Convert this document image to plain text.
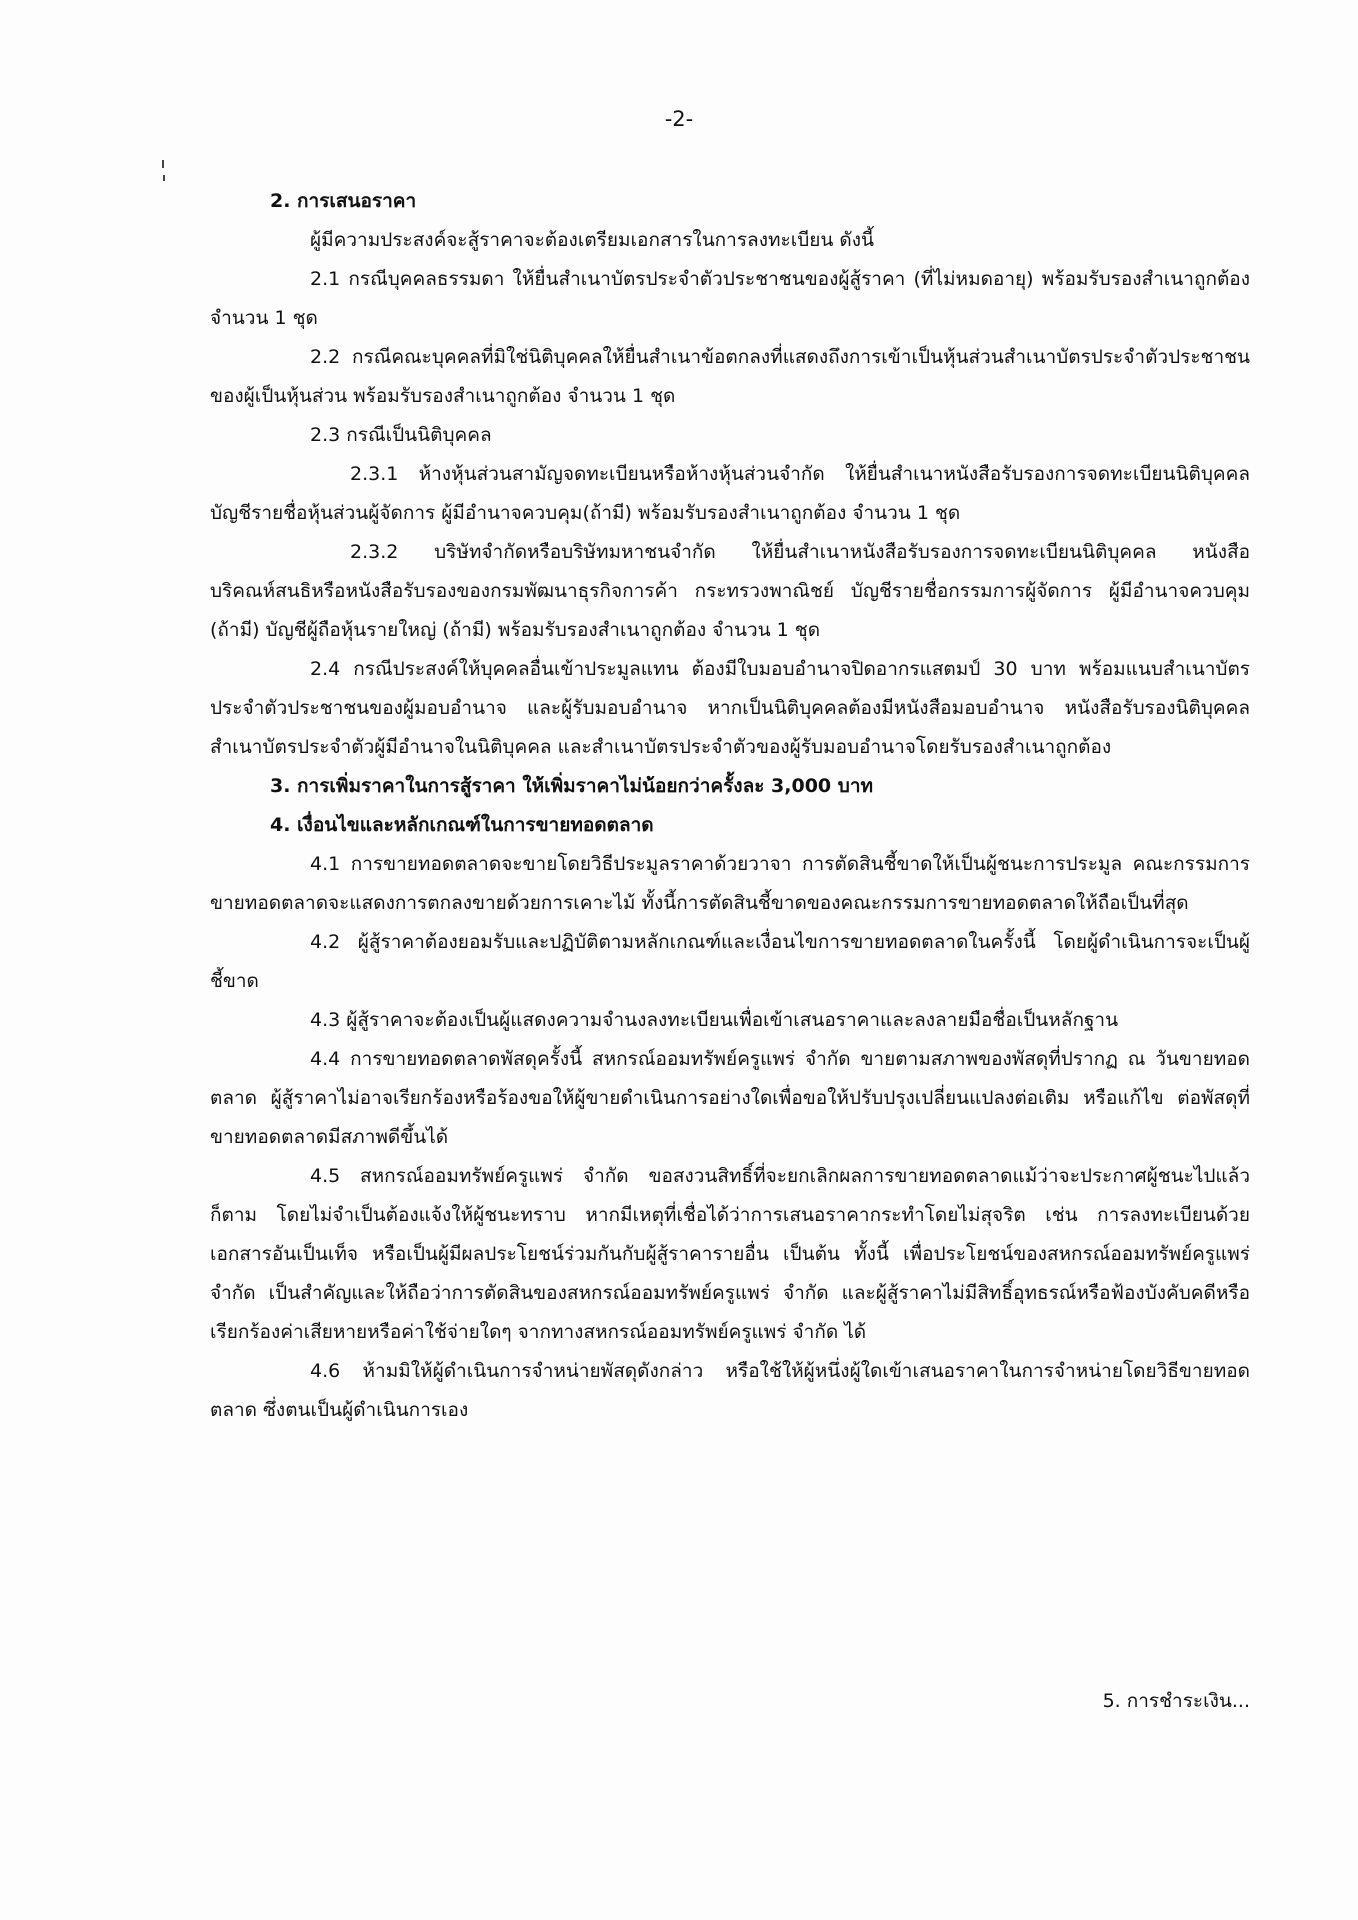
-2-

2. การเสนอราคา

ผู้มีความประสงค์จะสู้ราคาจะต้องเตรียมเอกสารในการลงทะเบียน ดังนี้

2.1 กรณีบุคคลธรรมดา ให้ยื่นสำเนาบัตรประจำตัวประชาชนของผู้สู้ราคา (ที่ไม่หมดอายุ) พร้อมรับรองสำเนาถูกต้อง จำนวน 1 ชุด

2.2 กรณีคณะบุคคลที่มิใช่นิติบุคคลให้ยื่นสำเนาข้อตกลงที่แสดงถึงการเข้าเป็นหุ้นส่วนสำเนาบัตรประจำตัวประชาชนของผู้เป็นหุ้นส่วน พร้อมรับรองสำเนาถูกต้อง จำนวน 1 ชุด

2.3 กรณีเป็นนิติบุคคล

2.3.1 ห้างหุ้นส่วนสามัญจดทะเบียนหรือห้างหุ้นส่วนจำกัด ให้ยื่นสำเนาหนังสือรับรองการจดทะเบียนนิติบุคคล บัญชีรายชื่อหุ้นส่วนผู้จัดการ ผู้มีอำนาจควบคุม(ถ้ามี) พร้อมรับรองสำเนาถูกต้อง จำนวน 1 ชุด

2.3.2 บริษัทจำกัดหรือบริษัทมหาชนจำกัด ให้ยื่นสำเนาหนังสือรับรองการจดทะเบียนนิติบุคคล หนังสือบริคณห์สนธิหรือหนังสือรับรองของกรมพัฒนาธุรกิจการค้า กระทรวงพาณิชย์ บัญชีรายชื่อกรรมการผู้จัดการ ผู้มีอำนาจควบคุม (ถ้ามี) บัญชีผู้ถือหุ้นรายใหญ่ (ถ้ามี) พร้อมรับรองสำเนาถูกต้อง จำนวน 1 ชุด

2.4 กรณีประสงค์ให้บุคคลอื่นเข้าประมูลแทน ต้องมีใบมอบอำนาจปิดอากรแสตมป์ 30 บาท พร้อมแนบสำเนาบัตรประจำตัวประชาชนของผู้มอบอำนาจ และผู้รับมอบอำนาจ หากเป็นนิติบุคคลต้องมีหนังสือมอบอำนาจ หนังสือรับรองนิติบุคคล สำเนาบัตรประจำตัวผู้มีอำนาจในนิติบุคคล และสำเนาบัตรประจำตัวของผู้รับมอบอำนาจโดยรับรองสำเนาถูกต้อง

3. การเพิ่มราคาในการสู้ราคา ให้เพิ่มราคาไม่น้อยกว่าครั้งละ 3,000 บาท

4. เงื่อนไขและหลักเกณฑ์ในการขายทอดตลาด

4.1 การขายทอดตลาดจะขายโดยวิธีประมูลราคาด้วยวาจา การตัดสินชี้ขาดให้เป็นผู้ชนะการประมูล คณะกรรมการขายทอดตลาดจะแสดงการตกลงขายด้วยการเคาะไม้ ทั้งนี้การตัดสินชี้ขาดของคณะกรรมการขายทอดตลาดให้ถือเป็นที่สุด

4.2 ผู้สู้ราคาต้องยอมรับและปฏิบัติตามหลักเกณฑ์และเงื่อนไขการขายทอดตลาดในครั้งนี้ โดยผู้ดำเนินการจะเป็นผู้ชี้ขาด

4.3 ผู้สู้ราคาจะต้องเป็นผู้แสดงความจำนงลงทะเบียนเพื่อเข้าเสนอราคาและลงลายมือชื่อเป็นหลักฐาน

4.4 การขายทอดตลาดพัสดุครั้งนี้ สหกรณ์ออมทรัพย์ครูแพร่ จำกัด ขายตามสภาพของพัสดุที่ปรากฏ ณ วันขายทอดตลาด ผู้สู้ราคาไม่อาจเรียกร้องหรือร้องขอให้ผู้ขายดำเนินการอย่างใดเพื่อขอให้ปรับปรุงเปลี่ยนแปลงต่อเติม หรือแก้ไข ต่อพัสดุที่ขายทอดตลาดมีสภาพดีขึ้นได้

4.5 สหกรณ์ออมทรัพย์ครูแพร่ จำกัด ขอสงวนสิทธิ์ที่จะยกเลิกผลการขายทอดตลาดแม้ว่าจะประกาศผู้ชนะไปแล้วก็ตาม โดยไม่จำเป็นต้องแจ้งให้ผู้ชนะทราบ หากมีเหตุที่เชื่อได้ว่าการเสนอราคากระทำโดยไม่สุจริต เช่น การลงทะเบียนด้วยเอกสารอันเป็นเท็จ หรือเป็นผู้มีผลประโยชน์ร่วมกันกับผู้สู้ราคารายอื่น เป็นต้น ทั้งนี้ เพื่อประโยชน์ของสหกรณ์ออมทรัพย์ครูแพร่ จำกัด เป็นสำคัญและให้ถือว่าการตัดสินของสหกรณ์ออมทรัพย์ครูแพร่ จำกัด และผู้สู้ราคาไม่มีสิทธิ์อุทธรณ์หรือฟ้องบังคับคดีหรือเรียกร้องค่าเสียหายหรือค่าใช้จ่ายใดๆ จากทางสหกรณ์ออมทรัพย์ครูแพร่ จำกัด ได้

4.6 ห้ามมิให้ผู้ดำเนินการจำหน่ายพัสดุดังกล่าว หรือใช้ให้ผู้หนึ่งผู้ใดเข้าเสนอราคาในการจำหน่ายโดยวิธีขายทอดตลาด ซึ่งตนเป็นผู้ดำเนินการเอง

5. การชำระเงิน...
